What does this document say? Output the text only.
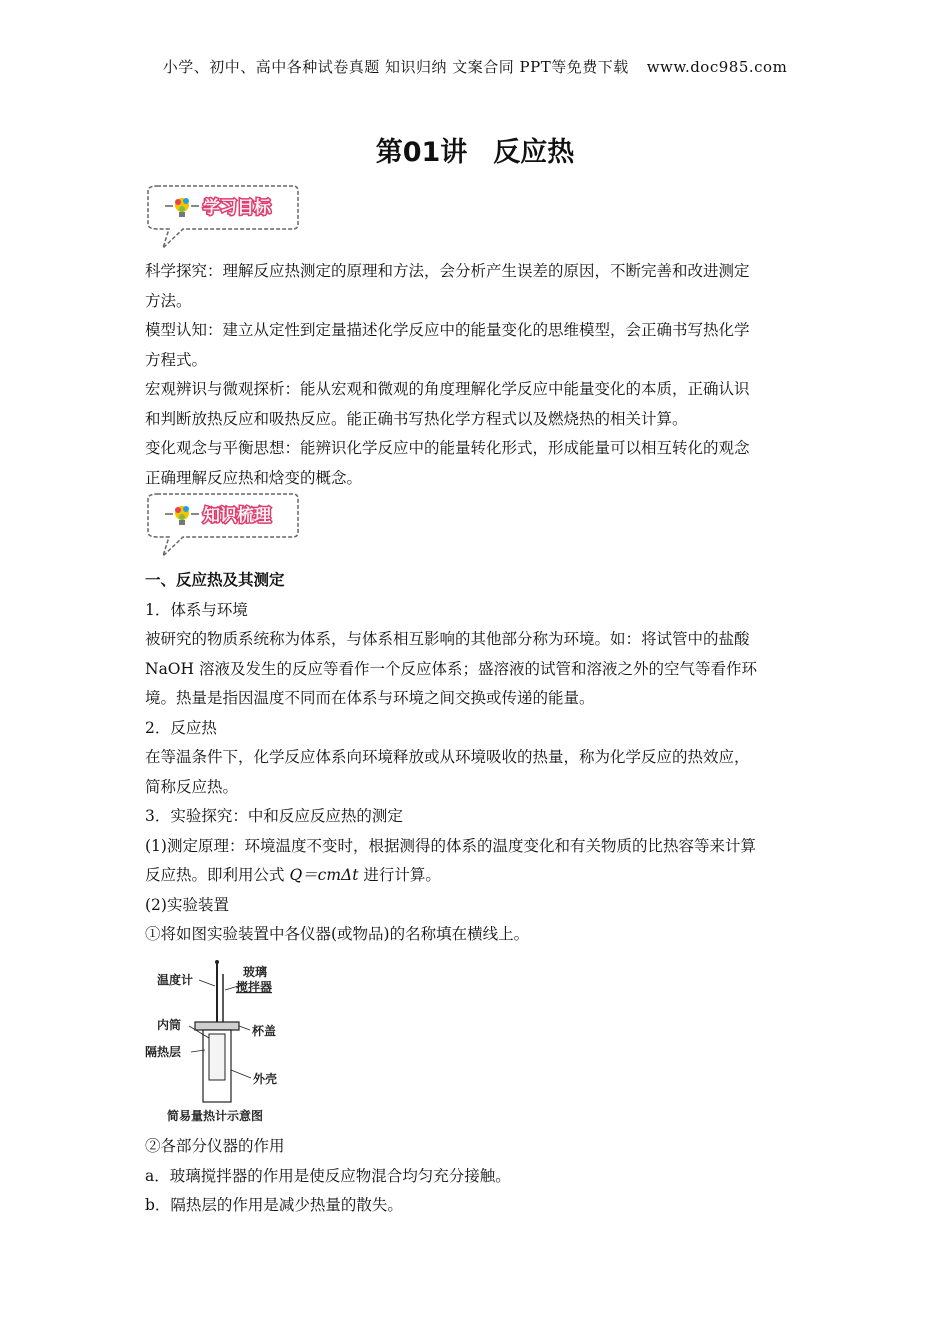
小学、初中、高中各种试卷真题 知识归纳 文案合同 PPT等免费下载 www.doc985.com
第01讲 反应热
学习目标

科学探究：理解反应热测定的原理和方法，会分析产生误差的原因，不断完善和改进测定

方法。

模型认知：建立从定性到定量描述化学反应中的能量变化的思维模型，会正确书写热化学

方程式。

宏观辨识与微观探析：能从宏观和微观的角度理解化学反应中能量变化的本质，正确认识

和判断放热反应和吸热反应。能正确书写热化学方程式以及燃烧热的相关计算。

变化观念与平衡思想：能辨识化学反应中的能量转化形式，形成能量可以相互转化的观念

正确理解反应热和焓变的概念。

知识梳理

一、反应热及其测定

1．体系与环境

被研究的物质系统称为体系，与体系相互影响的其他部分称为环境。如：将试管中的盐酸

NaOH 溶液及发生的反应等看作一个反应体系；盛溶液的试管和溶液之外的空气等看作环

境。热量是指因温度不同而在体系与环境之间交换或传递的能量。

2．反应热

在等温条件下，化学反应体系向环境释放或从环境吸收的热量，称为化学反应的热效应，

简称反应热。

3．实验探究：中和反应反应热的测定

(1)测定原理：环境温度不变时，根据测得的体系的温度变化和有关物质的比热容等来计算

反应热。即利用公式 Q＝cmΔt 进行计算。

(2)实验装置

①将如图实验装置中各仪器(或物品)的名称填在横线上。

温度计
玻璃
搅拌器
内筒	杯盖
隔热层
外壳
简易量热计示意图

②各部分仪器的作用

a．玻璃搅拌器的作用是使反应物混合均匀充分接触。

b．隔热层的作用是减少热量的散失。
